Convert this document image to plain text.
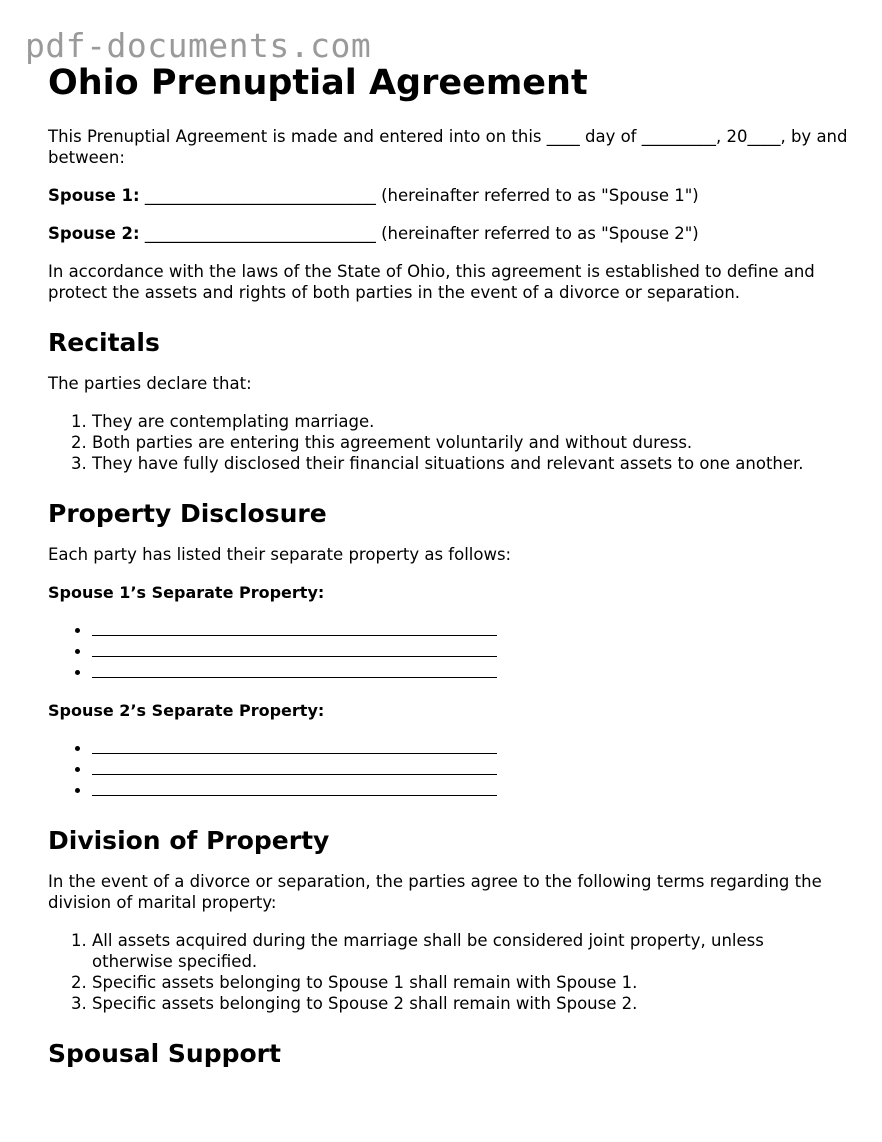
pdf-documents.com
Ohio Prenuptial Agreement

This Prenuptial Agreement is made and entered into on this ____ day of _________, 20____, by and between:

Spouse 1: ____________________________ (hereinafter referred to as "Spouse 1")

Spouse 2: ____________________________ (hereinafter referred to as "Spouse 2")

In accordance with the laws of the State of Ohio, this agreement is established to define and protect the assets and rights of both parties in the event of a divorce or separation.

Recitals

The parties declare that:

1. They are contemplating marriage.
2. Both parties are entering this agreement voluntarily and without duress.
3. They have fully disclosed their financial situations and relevant assets to one another.
Property Disclosure

Each party has listed their separate property as follows:

Spouse 1’s Separate Property:

•
•
•

Spouse 2’s Separate Property:

•
•
•
Division of Property

In the event of a divorce or separation, the parties agree to the following terms regarding the division of marital property:

1. All assets acquired during the marriage shall be considered joint property, unless otherwise specified.
2. Specific assets belonging to Spouse 1 shall remain with Spouse 1.
3. Specific assets belonging to Spouse 2 shall remain with Spouse 2.
Spousal Support
